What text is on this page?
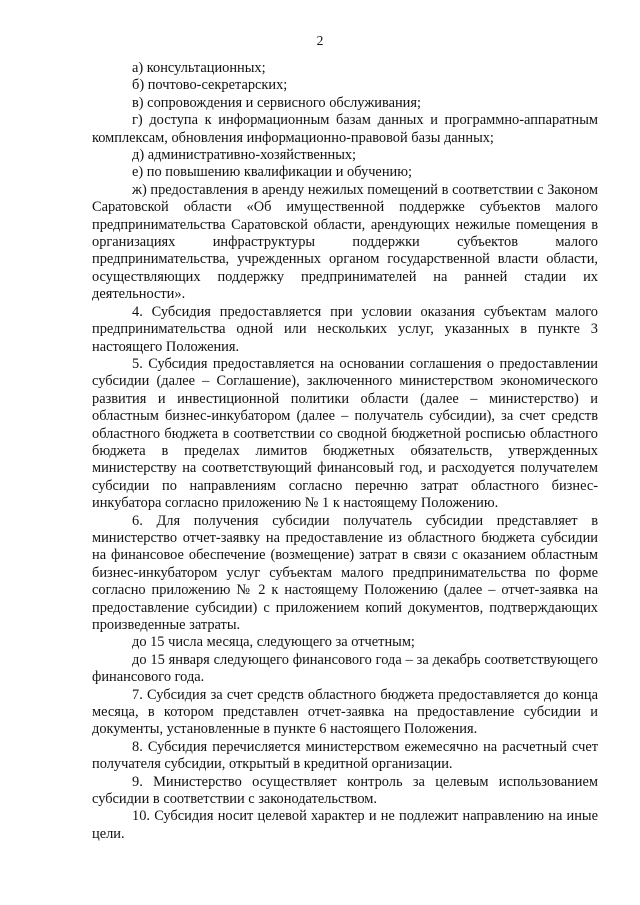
2

а) консультационных;

б) почтово-секретарских;

в) сопровождения и сервисного обслуживания;

г) доступа к информационным базам данных и программно-аппаратным комплексам, обновления информационно-правовой базы данных;

д) административно-хозяйственных;

е) по повышению квалификации и обучению;

ж) предоставления в аренду нежилых помещений в соответствии с Законом Саратовской области «Об имущественной поддержке субъектов малого предпринимательства Саратовской области, арендующих нежилые помещения в организациях инфраструктуры поддержки субъектов малого предпринимательства, учрежденных органом государственной власти области, осуществляющих поддержку предпринимателей на ранней стадии их деятельности».

4. Субсидия предоставляется при условии оказания субъектам малого предпринимательства одной или нескольких услуг, указанных в пункте 3 настоящего Положения.

5. Субсидия предоставляется на основании соглашения о предоставлении субсидии (далее – Соглашение), заключенного министерством экономического развития и инвестиционной политики области (далее – министерство) и областным бизнес-инкубатором (далее – получатель субсидии), за счет средств областного бюджета в соответствии со сводной бюджетной росписью областного бюджета в пределах лимитов бюджетных обязательств, утвержденных министерству на соответствующий финансовый год, и расходуется получателем субсидии по направлениям согласно перечню затрат областного бизнес-инкубатора согласно приложению № 1 к настоящему Положению.

6. Для получения субсидии получатель субсидии представляет в министерство отчет-заявку на предоставление из областного бюджета субсидии на финансовое обеспечение (возмещение) затрат в связи с оказанием областным бизнес-инкубатором услуг субъектам малого предпринимательства по форме согласно приложению № 2 к настоящему Положению (далее – отчет-заявка на предоставление субсидии) с приложением копий документов, подтверждающих произведенные затраты.

до 15 числа месяца, следующего за отчетным;

до 15 января следующего финансового года – за декабрь соответствующего финансового года.

7. Субсидия за счет средств областного бюджета предоставляется до конца месяца, в котором представлен отчет-заявка на предоставление субсидии и документы, установленные в пункте 6 настоящего Положения.

8. Субсидия перечисляется министерством ежемесячно на расчетный счет получателя субсидии, открытый в кредитной организации.

9. Министерство осуществляет контроль за целевым использованием субсидии в соответствии с законодательством.

10. Субсидия носит целевой характер и не подлежит направлению на иные цели.
